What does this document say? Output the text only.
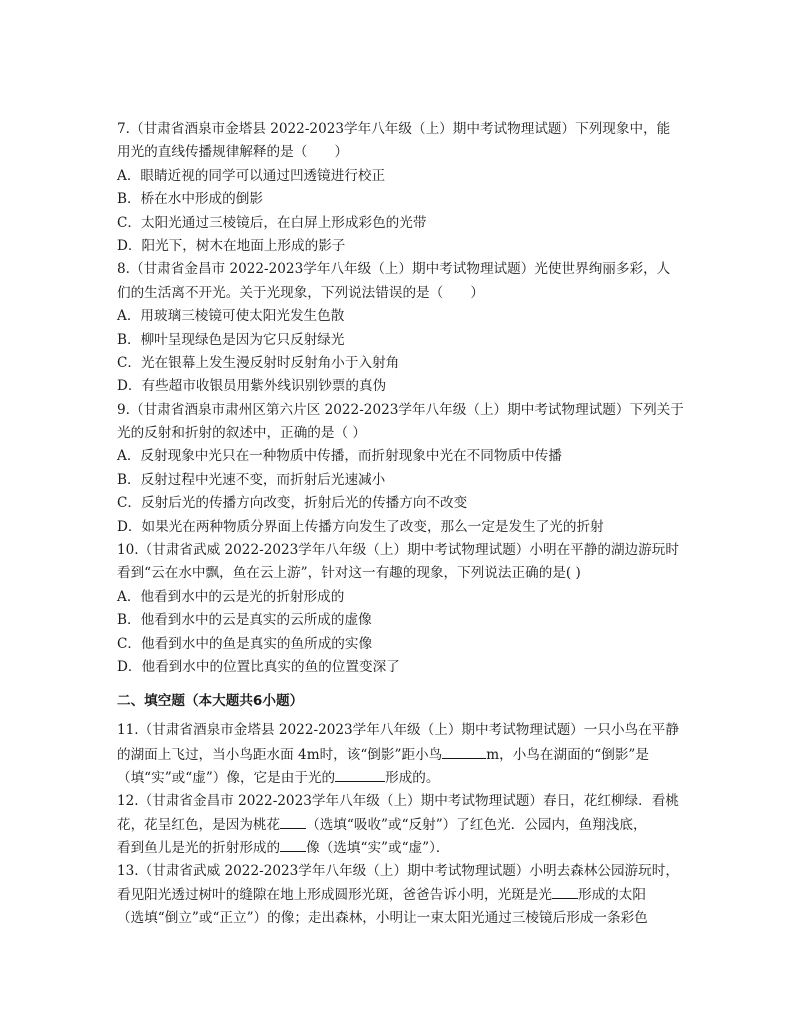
7.（甘肃省酒泉市金塔县 2022-2023学年八年级（上）期中考试物理试题）下列现象中，能
用光的直线传播规律解释的是（　　）
A．眼睛近视的同学可以通过凹透镜进行校正
B．桥在水中形成的倒影
C．太阳光通过三棱镜后，在白屏上形成彩色的光带
D．阳光下，树木在地面上形成的影子
8.（甘肃省金昌市 2022-2023学年八年级（上）期中考试物理试题）光使世界绚丽多彩，人
们的生活离不开光。关于光现象，下列说法错误的是（　　）
A．用玻璃三棱镜可使太阳光发生色散
B．柳叶呈现绿色是因为它只反射绿光
C．光在银幕上发生漫反射时反射角小于入射角
D．有些超市收银员用紫外线识别钞票的真伪
9.（甘肃省酒泉市肃州区第六片区 2022-2023学年八年级（上）期中考试物理试题）下列关于
光的反射和折射的叙述中，正确的是（ ）
A．反射现象中光只在一种物质中传播，而折射现象中光在不同物质中传播
B．反射过程中光速不变，而折射后光速减小
C．反射后光的传播方向改变，折射后光的传播方向不改变
D．如果光在两种物质分界面上传播方向发生了改变，那么一定是发生了光的折射
10.（甘肃省武威 2022-2023学年八年级（上）期中考试物理试题）小明在平静的湖边游玩时
看到“云在水中飘，鱼在云上游”，针对这一有趣的现象，下列说法正确的是( )
A．他看到水中的云是光的折射形成的
B．他看到水中的云是真实的云所成的虚像
C．他看到水中的鱼是真实的鱼所成的实像
D．他看到水中的位置比真实的鱼的位置变深了
二、填空题（本大题共6小题）
11.（甘肃省酒泉市金塔县 2022-2023学年八年级（上）期中考试物理试题）一只小鸟在平静
的湖面上飞过，当小鸟距水面 4m时，该“倒影”距小鸟	m，小鸟在湖面的“倒影”是
（填“实”或“虚”）像，它是由于光的	形成的。
12.（甘肃省金昌市 2022-2023学年八年级（上）期中考试物理试题）春日，花红柳绿．看桃
花，花呈红色，是因为桃花 （选填“吸收”或“反射”）了红色光．公园内，鱼翔浅底，
看到鱼儿是光的折射形成的 像（选填“实”或“虚”）．
13.（甘肃省武威 2022-2023学年八年级（上）期中考试物理试题）小明去森林公园游玩时，
看见阳光透过树叶的缝隙在地上形成圆形光斑，爸爸告诉小明，光斑是光 形成的太阳
（选填“倒立”或“正立”）的像；走出森林，小明让一束太阳光通过三棱镜后形成一条彩色
